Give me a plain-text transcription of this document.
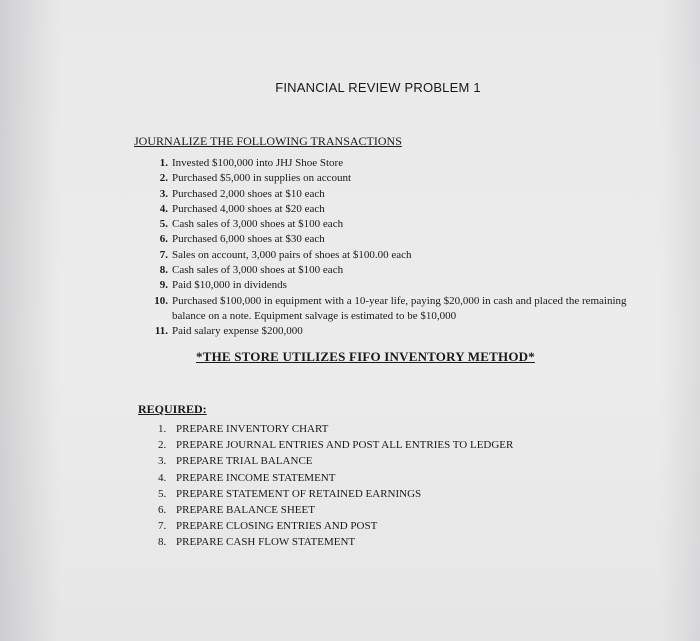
FINANCIAL REVIEW PROBLEM 1
JOURNALIZE THE FOLLOWING TRANSACTIONS
1. Invested $100,000 into JHJ Shoe Store
2. Purchased $5,000 in supplies on account
3. Purchased 2,000 shoes at $10 each
4. Purchased 4,000 shoes at $20 each
5. Cash sales of 3,000 shoes at $100 each
6. Purchased 6,000 shoes at $30 each
7. Sales on account, 3,000 pairs of shoes at $100.00 each
8. Cash sales of 3,000 shoes at $100 each
9. Paid $10,000 in dividends
10. Purchased $100,000 in equipment with a 10-year life, paying $20,000 in cash and placed the remaining balance on a note. Equipment salvage is estimated to be $10,000
11. Paid salary expense $200,000
*THE STORE UTILIZES FIFO INVENTORY METHOD*
REQUIRED:
1. PREPARE INVENTORY CHART
2. PREPARE JOURNAL ENTRIES AND POST ALL ENTRIES TO LEDGER
3. PREPARE TRIAL BALANCE
4. PREPARE INCOME STATEMENT
5. PREPARE STATEMENT OF RETAINED EARNINGS
6. PREPARE BALANCE SHEET
7. PREPARE CLOSING ENTRIES AND POST
8. PREPARE CASH FLOW STATEMENT
